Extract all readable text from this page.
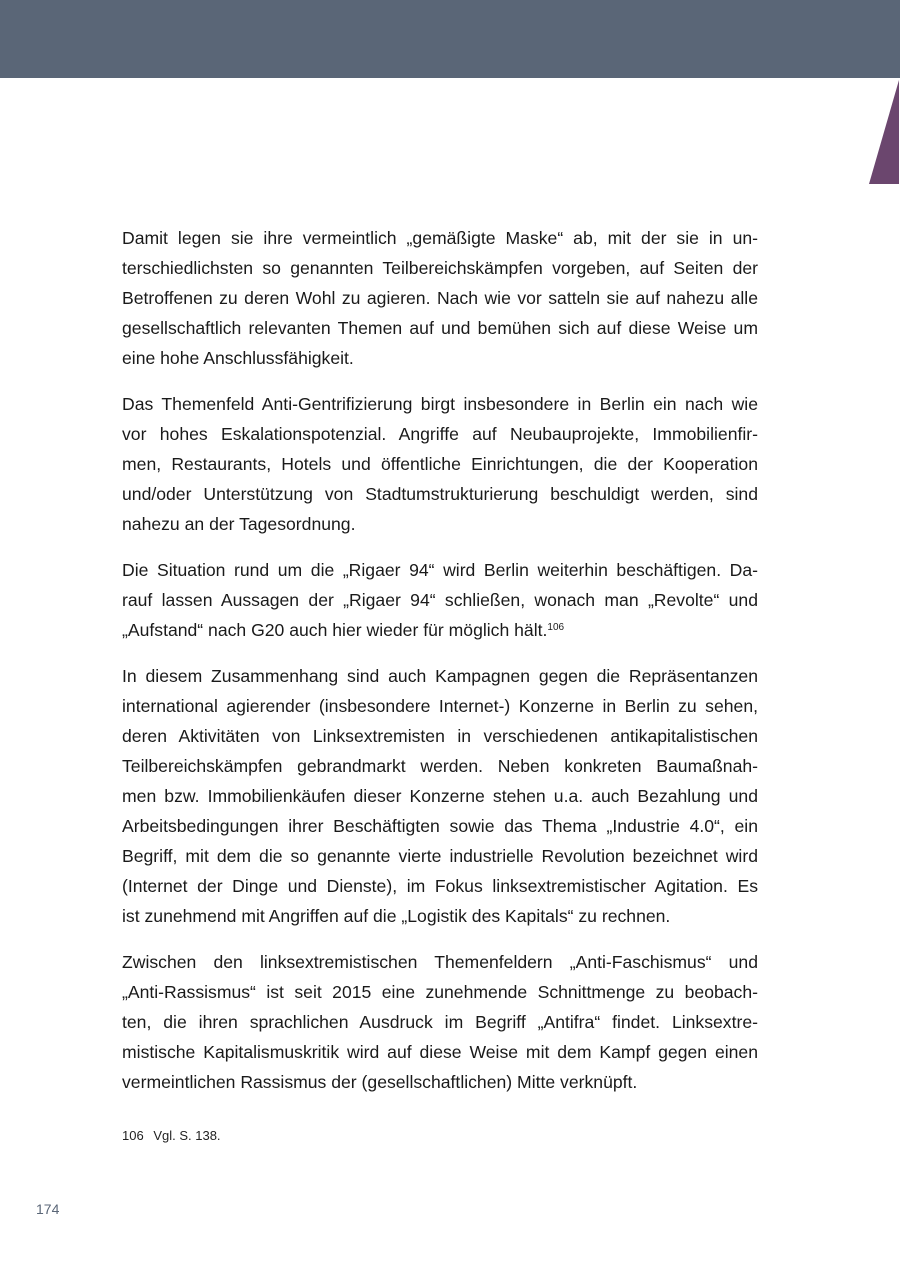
Damit legen sie ihre vermeintlich „gemäßigte Maske“ ab, mit der sie in un-
terschiedlichsten so genannten Teilbereichskämpfen vorgeben, auf Seiten der
Betroffenen zu deren Wohl zu agieren. Nach wie vor satteln sie auf nahezu alle
gesellschaftlich relevanten Themen auf und bemühen sich auf diese Weise um
eine hohe Anschlussfähigkeit.
Das Themenfeld Anti-Gentrifizierung birgt insbesondere in Berlin ein nach wie
vor hohes Eskalationspotenzial. Angriffe auf Neubauprojekte, Immobilienfir-
men, Restaurants, Hotels und öffentliche Einrichtungen, die der Kooperation
und/oder Unterstützung von Stadtumstrukturierung beschuldigt werden, sind
nahezu an der Tagesordnung.
Die Situation rund um die „Rigaer 94“ wird Berlin weiterhin beschäftigen. Da-
rauf lassen Aussagen der „Rigaer 94“ schließen, wonach man „Revolte“ und
„Aufstand“ nach G20 auch hier wieder für möglich hält.$^{106}$
In diesem Zusammenhang sind auch Kampagnen gegen die Repräsentanzen
international agierender (insbesondere Internet-) Konzerne in Berlin zu sehen,
deren Aktivitäten von Linksextremisten in verschiedenen antikapitalistischen
Teilbereichskämpfen gebrandmarkt werden. Neben konkreten Baumaßnah-
men bzw. Immobilienkäufen dieser Konzerne stehen u.a. auch Bezahlung und
Arbeitsbedingungen ihrer Beschäftigten sowie das Thema „Industrie 4.0“, ein
Begriff, mit dem die so genannte vierte industrielle Revolution bezeichnet wird
(Internet der Dinge und Dienste), im Fokus linksextremistischer Agitation. Es
ist zunehmend mit Angriffen auf die „Logistik des Kapitals“ zu rechnen.
Zwischen den linksextremistischen Themenfeldern „Anti-Faschismus“ und
„Anti-Rassismus“ ist seit 2015 eine zunehmende Schnittmenge zu beobach-
ten, die ihren sprachlichen Ausdruck im Begriff „Antifra“ findet. Linksextre-
mistische Kapitalismuskritik wird auf diese Weise mit dem Kampf gegen einen
vermeintlichen Rassismus der (gesellschaftlichen) Mitte verknüpft.
106 Vgl. S. 138.
174
